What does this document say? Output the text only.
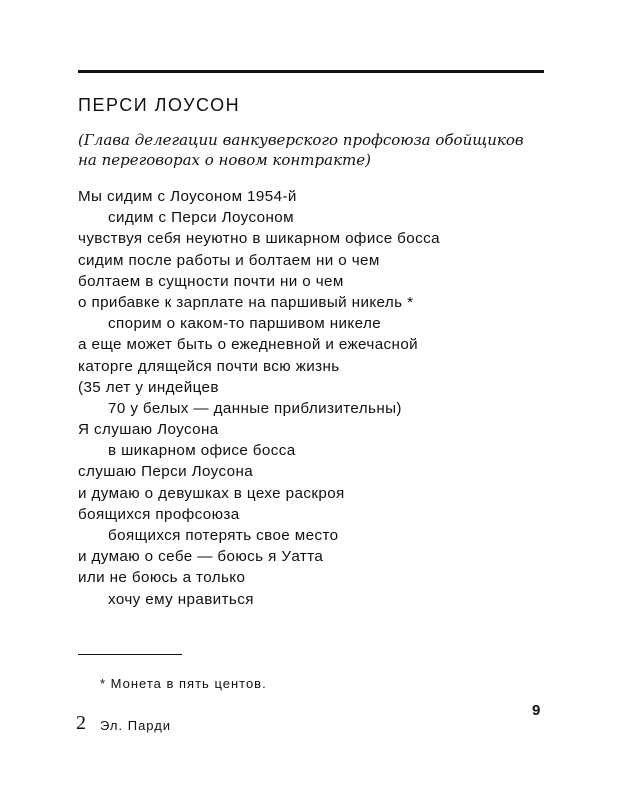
ПЕРСИ ЛОУСОН
(Глава делегации ванкуверского профсоюза обойщиков
на переговорах о новом контракте)
Мы сидим с Лоусоном 1954-й
сидим с Перси Лоусоном
чувствуя себя неуютно в шикарном офисе босса
сидим после работы и болтаем ни о чем
болтаем в сущности почти ни о чем
о прибавке к зарплате на паршивый никель *
спорим о каком-то паршивом никеле
а еще может быть о ежедневной и ежечасной
каторге длящейся почти всю жизнь
(35 лет у индейцев
70 у белых — данные приблизительны)
Я слушаю Лоусона
в шикарном офисе босса
слушаю Перси Лоусона
и думаю о девушках в цехе раскроя
боящихся профсоюза
боящихся потерять свое место
и думаю о себе — боюсь я Уатта
или не боюсь а только
хочу ему нравиться
* Монета в пять центов.
2 Эл. Парди
9
